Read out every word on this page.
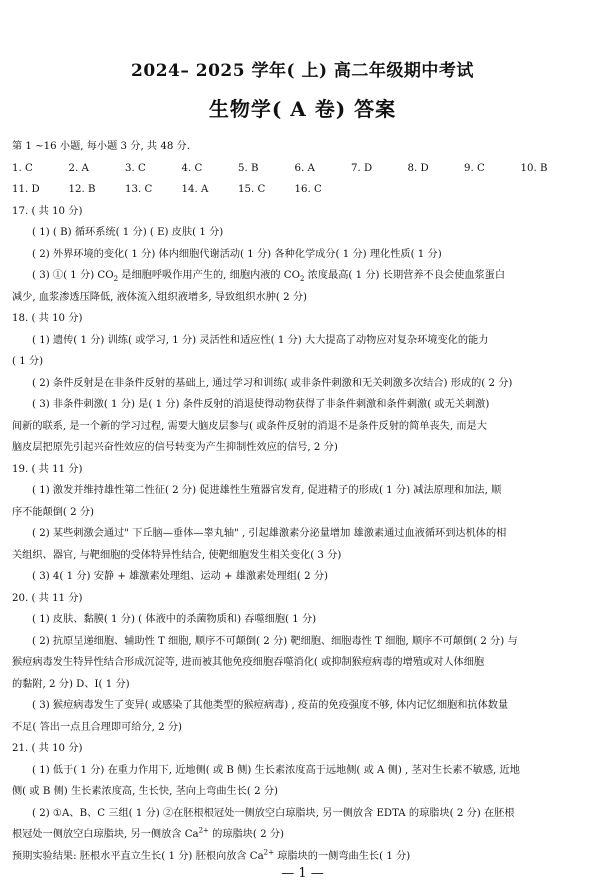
2024– 2025 学年( 上) 高二年级期中考试
生物学( A 卷) 答案
第 1 ~16 小题, 每小题 3 分, 共 48 分.
1. C	2. A	3. C	4. C	5. B	6. A	7. D	8. D	9. C	10. B
11. D	12. B	13. C	14. A	15. C	16. C
17. ( 共 10 分)
( 1) ( B) 循环系统( 1 分) ( E) 皮肤( 1 分)
( 2) 外界环境的变化( 1 分) 体内细胞代谢活动( 1 分) 各种化学成分( 1 分) 理化性质( 1 分)
( 3) ①( 1 分) $CO_2$ 是细胞呼吸作用产生的, 细胞内液的 $CO_2$ 浓度最高( 1 分) 长期营养不良会使血浆蛋白
减少, 血浆渗透压降低, 液体流入组织液增多, 导致组织水肿( 2 分)
18. ( 共 10 分)
( 1) 遗传( 1 分) 训练( 或学习, 1 分) 灵活性和适应性( 1 分) 大大提高了动物应对复杂环境变化的能力
( 1 分)
( 2) 条件反射是在非条件反射的基础上, 通过学习和训练( 或非条件刺激和无关刺激多次结合) 形成的( 2 分)
( 3) 非条件刺激( 1 分) 是( 1 分) 条件反射的消退使得动物获得了非条件刺激和条件刺激( 或无关刺激)
间新的联系, 是一个新的学习过程, 需要大脑皮层参与( 或条件反射的消退不是条件反射的简单丧失, 而是大
脑皮层把原先引起兴奋性效应的信号转变为产生抑制性效应的信号, 2 分)
19. ( 共 11 分)
( 1) 激发并维持雄性第二性征( 2 分) 促进雄性生殖器官发育, 促进精子的形成( 1 分) 减法原理和加法, 顺
序不能颠倒( 2 分)
( 2) 某些刺激会通过" 下丘脑—垂体—睾丸轴" , 引起雄激素分泌量增加 雄激素通过血液循环到达机体的相
关组织、器官, 与靶细胞的受体特异性结合, 使靶细胞发生相关变化( 3 分)
( 3) 4( 1 分) 安静 + 雄激素处理组、运动 + 雄激素处理组( 2 分)
20. ( 共 11 分)
( 1) 皮肤、黏膜( 1 分) ( 体液中的杀菌物质和) 吞噬细胞( 1 分)
( 2) 抗原呈递细胞、辅助性 T 细胞, 顺序不可颠倒( 2 分) 靶细胞、细胞毒性 T 细胞, 顺序不可颠倒( 2 分) 与
猴痘病毒发生特异性结合形成沉淀等, 进而被其他免疫细胞吞噬消化( 或抑制猴痘病毒的增殖或对人体细胞
的黏附, 2 分) D、I( 1 分)
( 3) 猴痘病毒发生了变异( 或感染了其他类型的猴痘病毒) , 疫苗的免疫强度不够, 体内记忆细胞和抗体数量
不足( 答出一点且合理即可给分, 2 分)
21. ( 共 10 分)
( 1) 低于( 1 分) 在重力作用下, 近地侧( 或 B 侧) 生长素浓度高于远地侧( 或 A 侧) , 茎对生长素不敏感, 近地
侧( 或 B 侧) 生长素浓度高, 生长快, 茎向上弯曲生长( 2 分)
( 2) ①A、B、C 三组( 1 分) ②在胚根根冠处一侧放空白琼脂块, 另一侧放含 EDTA 的琼脂块( 2 分) 在胚根
根冠处一侧放空白琼脂块, 另一侧放含 $Ca^{2+}$ 的琼脂块( 2 分)
预期实验结果: 胚根水平直立生长( 1 分) 胚根向放含 $Ca^{2+}$ 琼脂块的一侧弯曲生长( 1 分)
— 1 —
